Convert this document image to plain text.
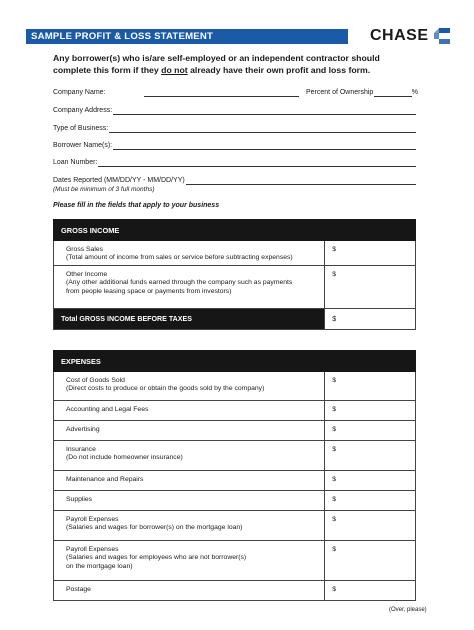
SAMPLE PROFIT & LOSS STATEMENT	CHASE
Any borrower(s) who is/are self-employed or an independent contractor should
complete this form if they do not already have their own profit and loss form.
Company Name:	Percent of Ownership	%
Company Address:
Type of Business:
Borrower Name(s):
Loan Number:
Dates Reported (MM/DD/YY - MM/DD/YY)
(Must be minimum of 3 full months)
Please fill in the fields that apply to your business
GROSS INCOME	

Gross Sales
(Total amount of income from sales or service before subtracting expenses)	$

Other Income
(Any other additional funds earned through the company such as payments
from people leasing space or payments from investors)	$
Total GROSS INCOME BEFORE TAXES	$
EXPENSES	

Cost of Goods Sold
(Direct costs to produce or obtain the goods sold by the company)	$

Accounting and Legal Fees	$

Advertising	$

Insurance
(Do not include homeowner insurance)	$

Maintenance and Repairs	$

Supplies	$

Payroll Expenses
(Salaries and wages for borrower(s) on the mortgage loan)	$

Payroll Expenses
(Salaries and wages for employees who are not borrower(s)
on the mortgage loan)	$

Postage	$
(Over, please)
